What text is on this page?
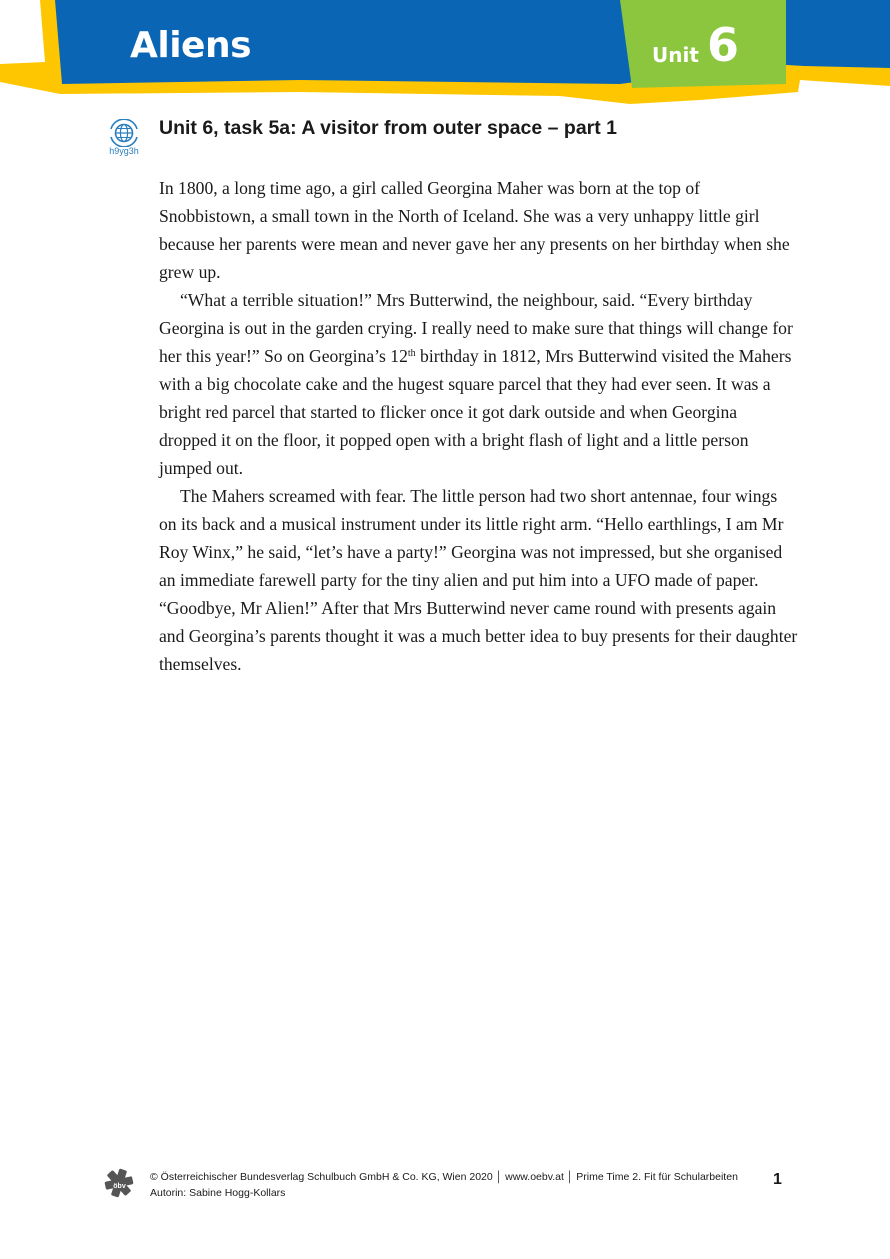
Aliens	Unit 6
h9yg3h
Unit 6, task 5a: A visitor from outer space – part 1

In 1800, a long time ago, a girl called Georgina Maher was born at the top of Snobbistown, a small town in the North of Iceland. She was a very unhappy little girl because her parents were mean and never gave her any presents on her birthday when she grew up.

“What a terrible situation!” Mrs Butterwind, the neighbour, said. “Every birthday Georgina is out in the garden crying. I really need to make sure that things will change for her this year!” So on Georgina’s 12th birthday in 1812, Mrs Butterwind visited the Mahers with a big chocolate cake and the hugest square parcel that they had ever seen. It was a bright red parcel that started to flicker once it got dark outside and when Georgina dropped it on the floor, it popped open with a bright flash of light and a little person jumped out.

The Mahers screamed with fear. The little person had two short antennae, four wings on its back and a musical instrument under its little right arm. “Hello earthlings, I am Mr Roy Winx,” he said, “let’s have a party!” Georgina was not impressed, but she organised an immediate farewell party for the tiny alien and put him into a UFO made of paper. “Goodbye, Mr Alien!” After that Mrs Butterwind never came round with presents again and Georgina’s parents thought it was a much better idea to buy presents for their daughter themselves.

öbv
© Österreichischer Bundesverlag Schulbuch GmbH & Co. KG, Wien 2020 │ www.oebv.at │ Prime Time 2. Fit für Schularbeiten
Autorin: Sabine Hogg-Kollars
1
